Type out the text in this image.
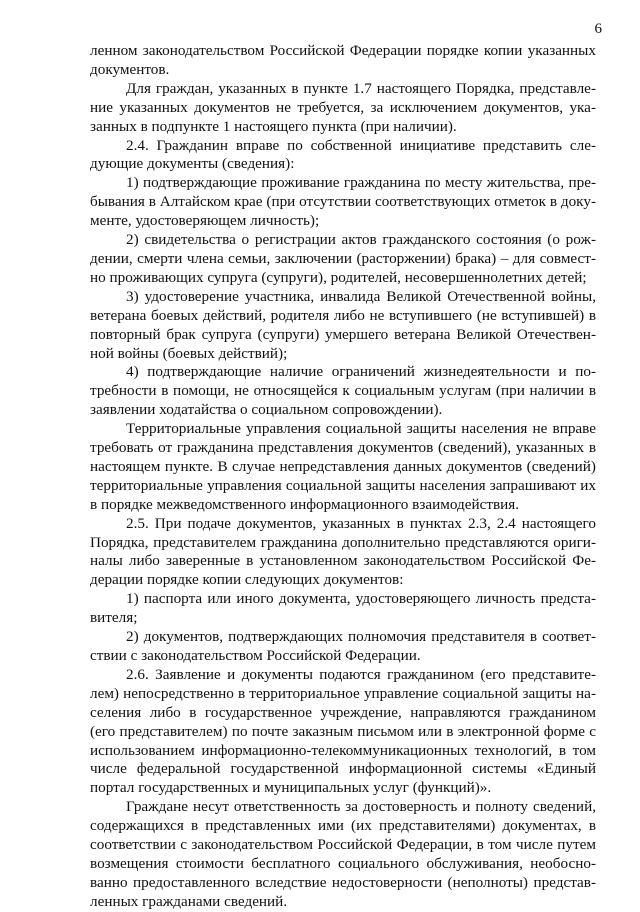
6

ленном законодательством Российской Федерации порядке копии указанных документов.

Для граждан, указанных в пункте 1.7 настоящего Порядка, представление указанных документов не требуется, за исключением документов, указанных в подпункте 1 настоящего пункта (при наличии).

2.4. Гражданин вправе по собственной инициативе представить следующие документы (сведения):

1) подтверждающие проживание гражданина по месту жительства, пребывания в Алтайском крае (при отсутствии соответствующих отметок в документе, удостоверяющем личность);

2) свидетельства о регистрации актов гражданского состояния (о рождении, смерти члена семьи, заключении (расторжении) брака) – для совместно проживающих супруга (супруги), родителей, несовершеннолетних детей;

3) удостоверение участника, инвалида Великой Отечественной войны, ветерана боевых действий, родителя либо не вступившего (не вступившей) в повторный брак супруга (супруги) умершего ветерана Великой Отечественной войны (боевых действий);

4) подтверждающие наличие ограничений жизнедеятельности и потребности в помощи, не относящейся к социальным услугам (при наличии в заявлении ходатайства о социальном сопровождении).

Территориальные управления социальной защиты населения не вправе требовать от гражданина представления документов (сведений), указанных в настоящем пункте. В случае непредставления данных документов (сведений) территориальные управления социальной защиты населения запрашивают их в порядке межведомственного информационного взаимодействия.

2.5. При подаче документов, указанных в пунктах 2.3, 2.4 настоящего Порядка, представителем гражданина дополнительно представляются оригиналы либо заверенные в установленном законодательством Российской Федерации порядке копии следующих документов:

1) паспорта или иного документа, удостоверяющего личность представителя;

2) документов, подтверждающих полномочия представителя в соответствии с законодательством Российской Федерации.

2.6. Заявление и документы подаются гражданином (его представителем) непосредственно в территориальное управление социальной защиты населения либо в государственное учреждение, направляются гражданином (его представителем) по почте заказным письмом или в электронной форме с использованием информационно-телекоммуникационных технологий, в том числе федеральной государственной информационной системы «Единый портал государственных и муниципальных услуг (функций)».

Граждане несут ответственность за достоверность и полноту сведений, содержащихся в представленных ими (их представителями) документах, в соответствии с законодательством Российской Федерации, в том числе путем возмещения стоимости бесплатного социального обслуживания, необоснованно предоставленного вследствие недостоверности (неполноты) представленных гражданами сведений.
